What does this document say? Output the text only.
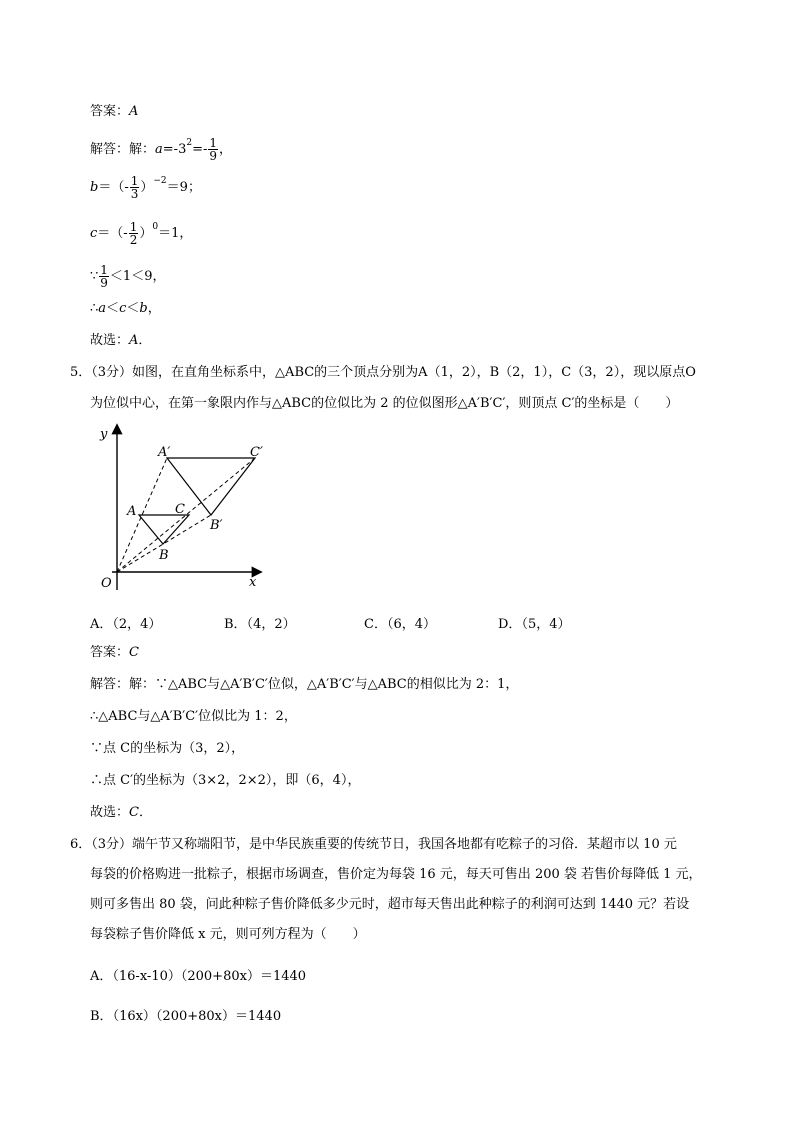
答案：A
解答：解：$a=-3^2=- \frac{1}{9}$ ，
$b=(- \frac{1}{3} )^{-2}=9$；
$c=(- \frac{1}{2} )^0=1$，
∵ $\frac{1}{9} <1<9$，
∴a＜c＜b，
故选：A．
5．（3分）如图，在直角坐标系中，△ABC的三个顶点分别为A（1，2），B（2，1），C（3，2），现以原点O
为位似中心，在第一象限内作与△ABC的位似比为 2 的位似图形△A′B′C′，则顶点 C′的坐标是（　　）
y
x
O
A
B
C
A′
B′
C′
A．（2，4）	B．（4，2）	C．（6，4）	D．（5，4）
答案：C
解答：解：∵△ABC与△A′B′C′位似，△A′B′C′与△ABC的相似比为 2：1，
∴△ABC与△A′B′C′位似比为 1：2，
∵点 C的坐标为（3，2），
∴点 C′的坐标为（3×2，2×2），即（6，4），
故选：C．
6．（3分）端午节又称端阳节，是中华民族重要的传统节日，我国各地都有吃粽子的习俗．某超市以 10 元
每袋的价格购进一批粽子，根据市场调查，售价定为每袋 16 元，每天可售出 200 袋 若售价每降低 1 元，
则可多售出 80 袋，问此种粽子售价降低多少元时，超市每天售出此种粽子的利润可达到 1440 元？若设
每袋粽子售价降低 x 元，则可列方程为（　　）
A．（16-x-10）（200+80x）＝1440
B．（16x）（200+80x）＝1440
